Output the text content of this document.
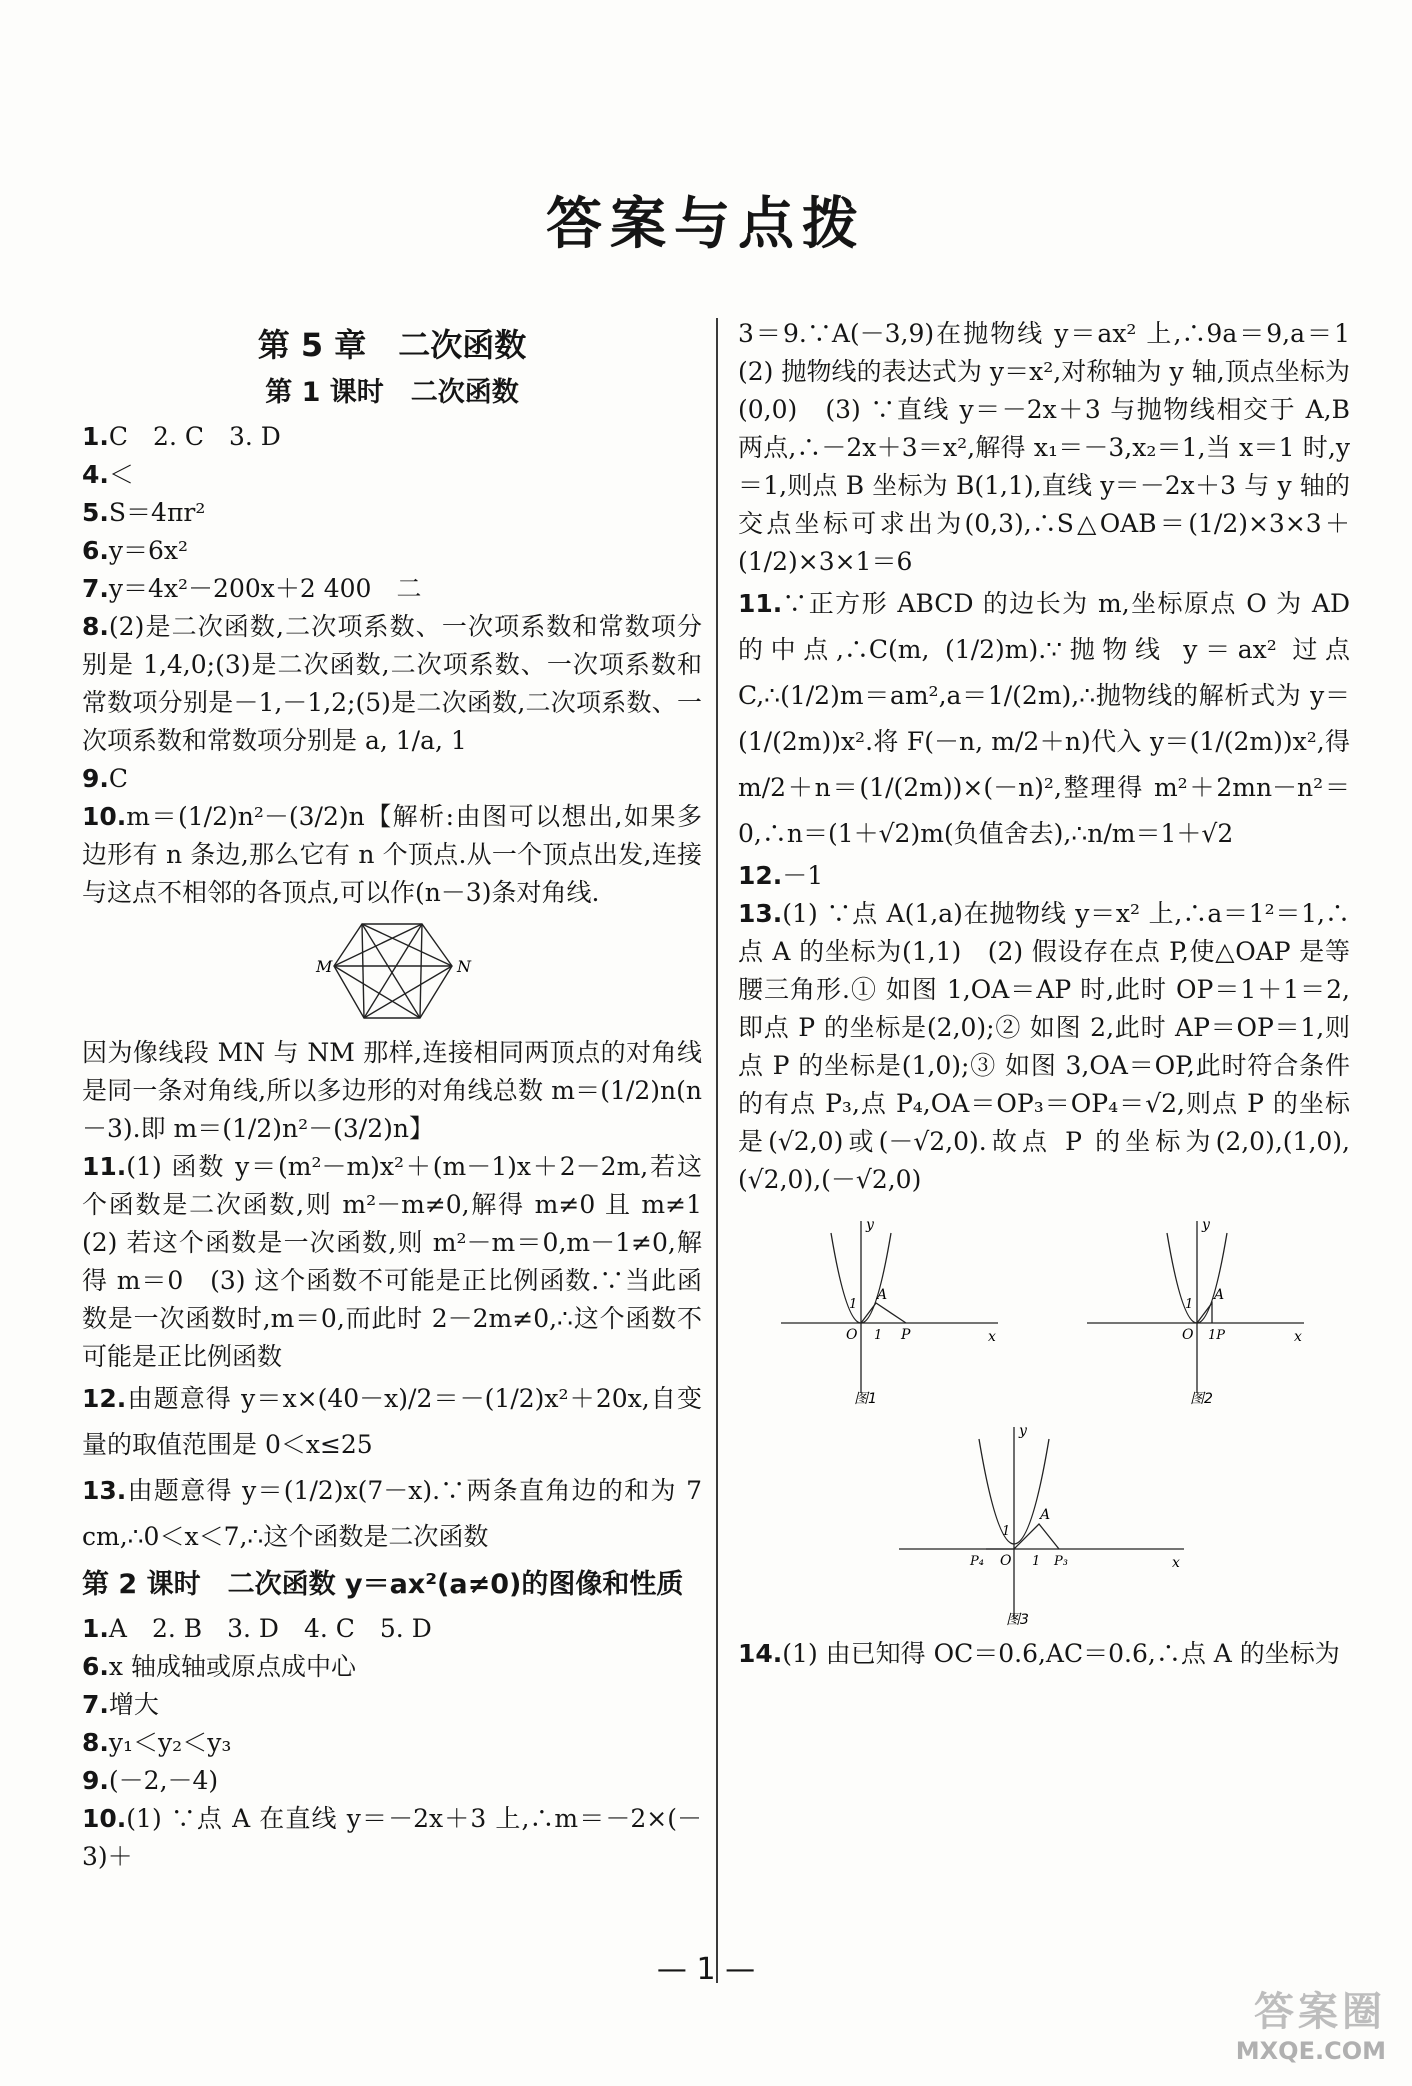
答案与点拨
第 5 章　二次函数
第 1 课时　二次函数

1.C　2. C　3. D

4.＜

5.S＝4πr²

6.y＝6x²

7.y＝4x²－200x＋2 400　二

8.(2)是二次函数,二次项系数、一次项系数和常数项分别是 1,4,0;(3)是二次函数,二次项系数、一次项系数和常数项分别是－1,－1,2;(5)是二次函数,二次项系数、一次项系数和常数项分别是 a, 1/a, 1

9.C

10.m＝(1/2)n²－(3/2)n【解析:由图可以想出,如果多边形有 n 条边,那么它有 n 个顶点.从一个顶点出发,连接与这点不相邻的各顶点,可以作(n－3)条对角线.

M	N

因为像线段 MN 与 NM 那样,连接相同两顶点的对角线是同一条对角线,所以多边形的对角线总数 m＝(1/2)n(n－3).即 m＝(1/2)n²－(3/2)n】

11.(1) 函数 y＝(m²－m)x²＋(m－1)x＋2－2m,若这个函数是二次函数,则 m²－m≠0,解得 m≠0 且 m≠1　(2) 若这个函数是一次函数,则 m²－m＝0,m－1≠0,解得 m＝0　(3) 这个函数不可能是正比例函数.∵当此函数是一次函数时,m＝0,而此时 2－2m≠0,∴这个函数不可能是正比例函数

12.由题意得 y＝x×(40－x)/2＝－(1/2)x²＋20x,自变量的取值范围是 0＜x≤25

13.由题意得 y＝(1/2)x(7－x).∵两条直角边的和为 7 cm,∴0＜x＜7,∴这个函数是二次函数

第 2 课时　二次函数 y＝ax²(a≠0)的图像和性质

1.A　2. B　3. D　4. C　5. D

6.x 轴成轴或原点成中心

7.增大

8.y₁＜y₂＜y₃

9.(－2,－4)

10.(1) ∵点 A 在直线 y＝－2x＋3 上,∴m＝－2×(－3)＋

3＝9.∵A(－3,9)在抛物线 y＝ax² 上,∴9a＝9,a＝1　(2) 抛物线的表达式为 y＝x²,对称轴为 y 轴,顶点坐标为(0,0)　(3) ∵直线 y＝－2x＋3 与抛物线相交于 A,B 两点,∴－2x＋3＝x²,解得 x₁＝－3,x₂＝1,当 x＝1 时,y＝1,则点 B 坐标为 B(1,1),直线 y＝－2x＋3 与 y 轴的交点坐标可求出为(0,3),∴S△OAB＝(1/2)×3×3＋(1/2)×3×1＝6

11.∵正方形 ABCD 的边长为 m,坐标原点 O 为 AD 的中点,∴C(m, (1/2)m).∵抛物线 y＝ax² 过点 C,∴(1/2)m＝am²,a＝1/(2m),∴抛物线的解析式为 y＝(1/(2m))x².将 F(－n, m/2＋n)代入 y＝(1/(2m))x²,得 m/2＋n＝(1/(2m))×(－n)²,整理得 m²＋2mn－n²＝0,∴n＝(1＋√2)m(负值舍去),∴n/m＝1＋√2

12.－1

13.(1) ∵点 A(1,a)在抛物线 y＝x² 上,∴a＝1²＝1,∴点 A 的坐标为(1,1)　(2) 假设存在点 P,使△OAP 是等腰三角形.① 如图 1,OA＝AP 时,此时 OP＝1＋1＝2,即点 P 的坐标是(2,0);② 如图 2,此时 AP＝OP＝1,则点 P 的坐标是(1,0);③ 如图 3,OA＝OP,此时符合条件的有点 P₃,点 P₄,OA＝OP₃＝OP₄＝√2,则点 P 的坐标是(√2,0)或(－√2,0).故点 P 的坐标为(2,0),(1,0),(√2,0),(－√2,0)

y
x
O 1
A
P
1
图1
y
x
O 1P
A
1
图2
y
x
O
1
A
P₄	1 P₃
图3

14.(1) 由已知得 OC＝0.6,AC＝0.6,∴点 A 的坐标为

— 1 —
答案圈
MXQE.COM
